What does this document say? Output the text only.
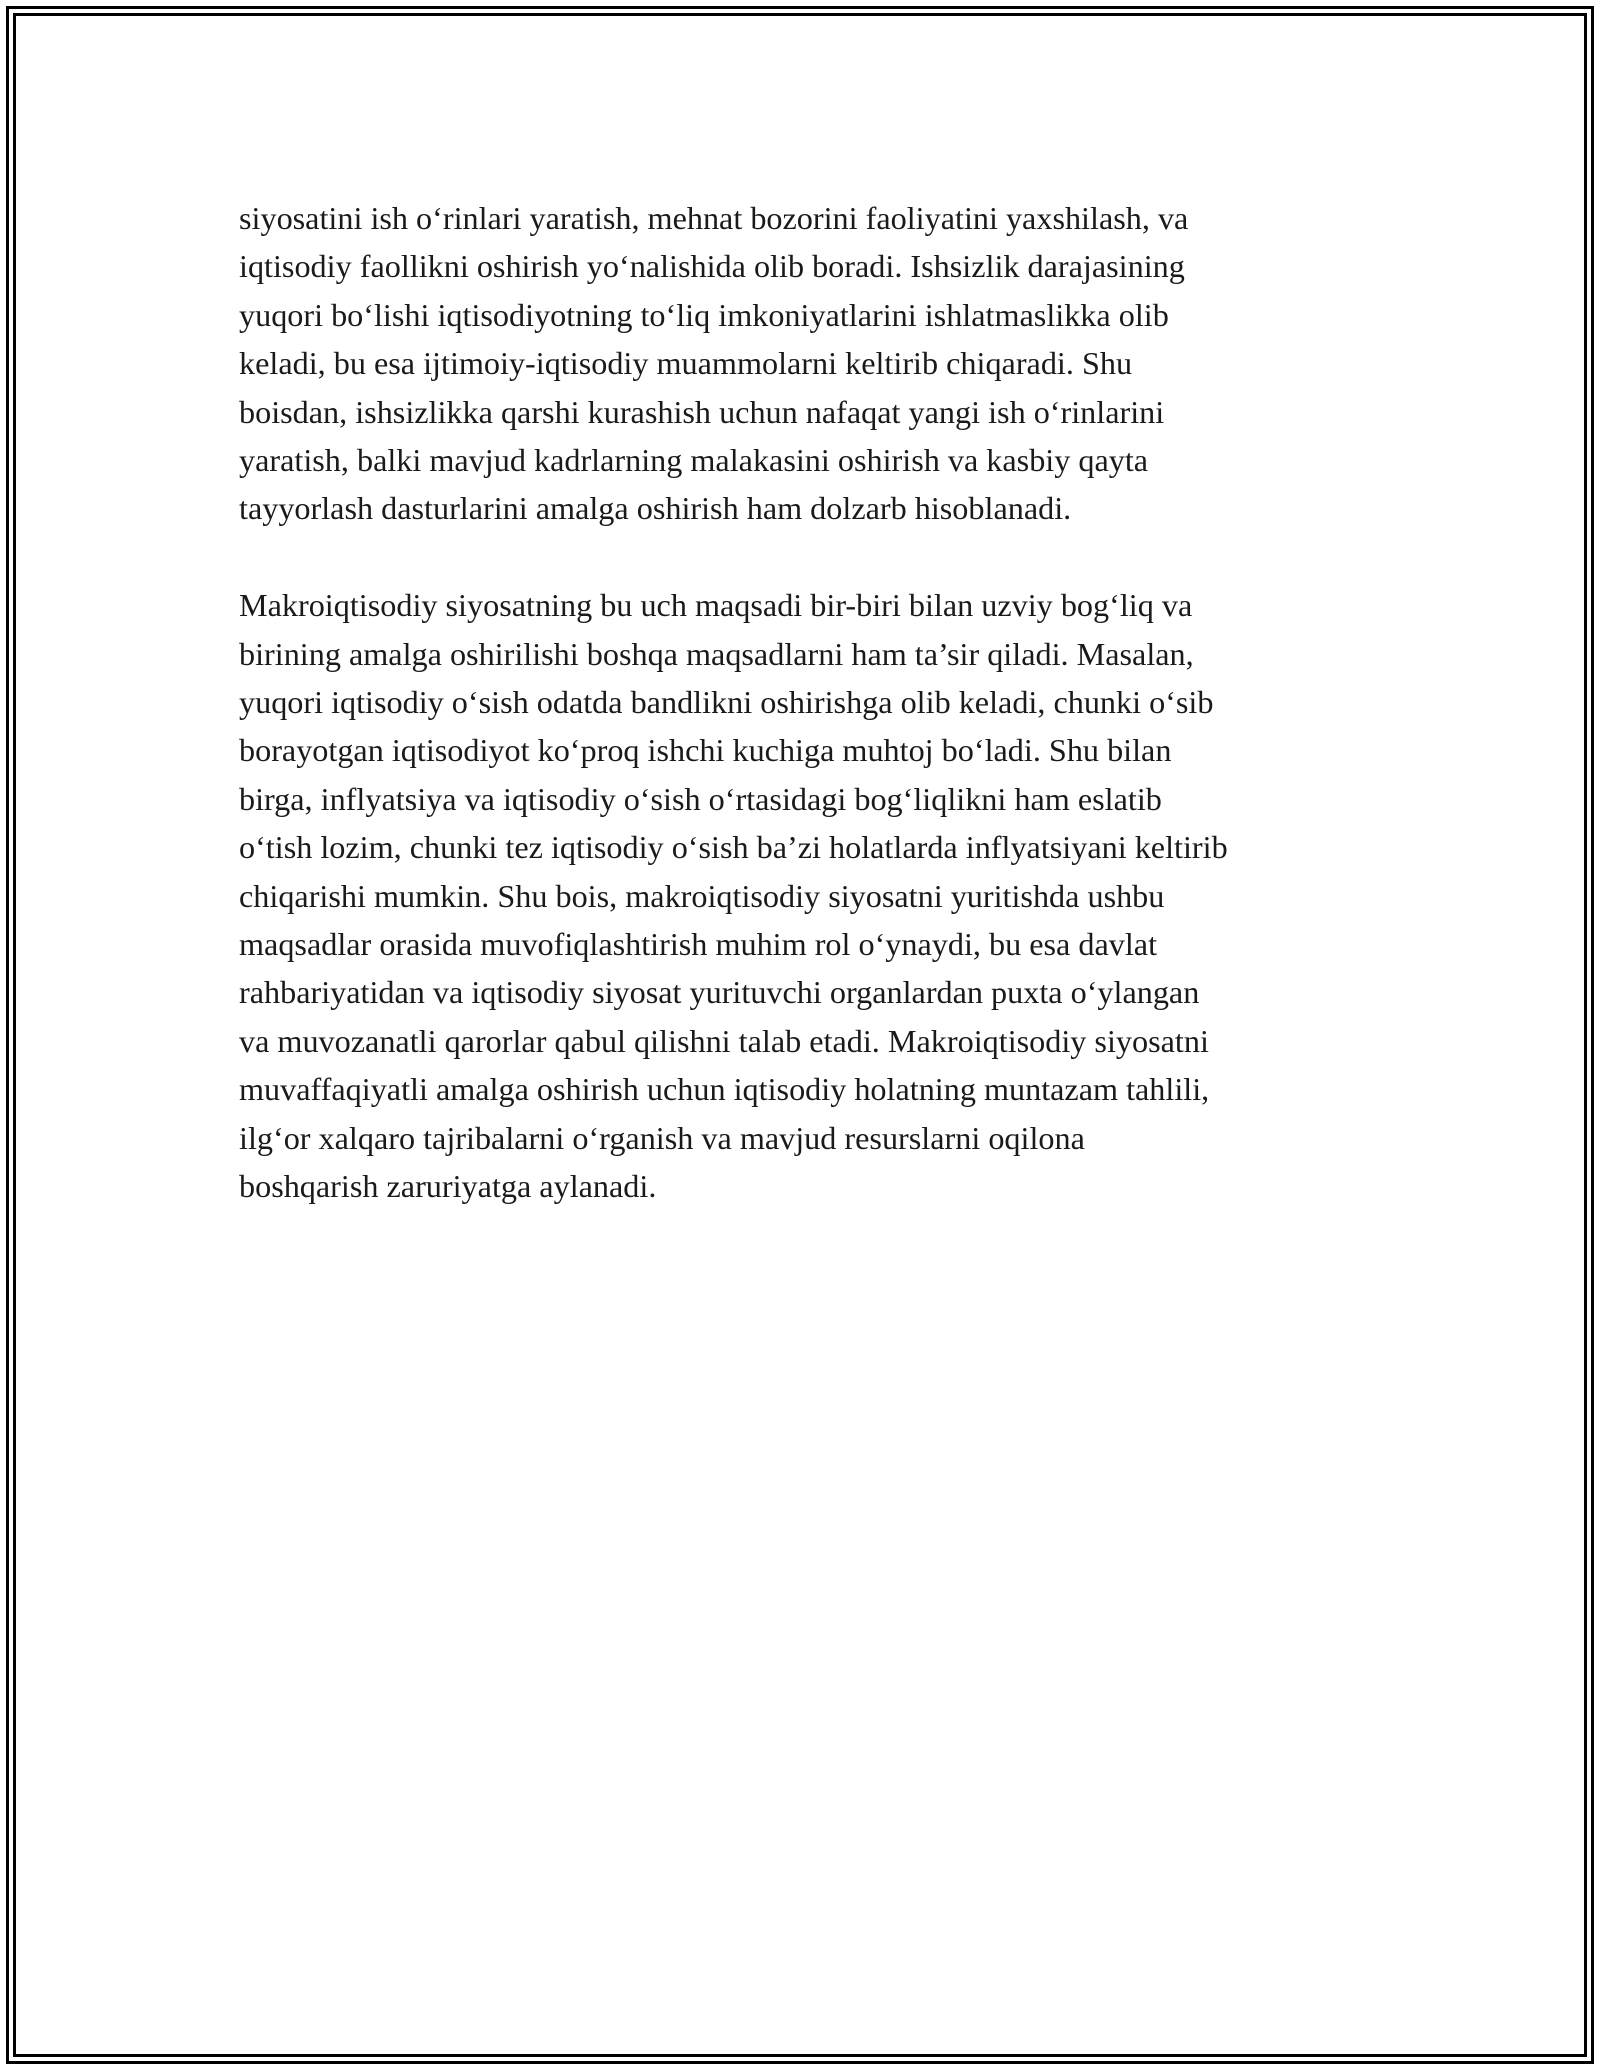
siyosatini ish o‘rinlari yaratish, mehnat bozorini faoliyatini yaxshilash, va
iqtisodiy faollikni oshirish yo‘nalishida olib boradi. Ishsizlik darajasining
yuqori bo‘lishi iqtisodiyotning to‘liq imkoniyatlarini ishlatmaslikka olib
keladi, bu esa ijtimoiy-iqtisodiy muammolarni keltirib chiqaradi. Shu
boisdan, ishsizlikka qarshi kurashish uchun nafaqat yangi ish o‘rinlarini
yaratish, balki mavjud kadrlarning malakasini oshirish va kasbiy qayta
tayyorlash dasturlarini amalga oshirish ham dolzarb hisoblanadi.

Makroiqtisodiy siyosatning bu uch maqsadi bir-biri bilan uzviy bog‘liq va
birining amalga oshirilishi boshqa maqsadlarni ham ta’sir qiladi. Masalan,
yuqori iqtisodiy o‘sish odatda bandlikni oshirishga olib keladi, chunki o‘sib
borayotgan iqtisodiyot ko‘proq ishchi kuchiga muhtoj bo‘ladi. Shu bilan
birga, inflyatsiya va iqtisodiy o‘sish o‘rtasidagi bog‘liqlikni ham eslatib
o‘tish lozim, chunki tez iqtisodiy o‘sish ba’zi holatlarda inflyatsiyani keltirib
chiqarishi mumkin. Shu bois, makroiqtisodiy siyosatni yuritishda ushbu
maqsadlar orasida muvofiqlashtirish muhim rol o‘ynaydi, bu esa davlat
rahbariyatidan va iqtisodiy siyosat yurituvchi organlardan puxta o‘ylangan
va muvozanatli qarorlar qabul qilishni talab etadi. Makroiqtisodiy siyosatni
muvaffaqiyatli amalga oshirish uchun iqtisodiy holatning muntazam tahlili,
ilg‘or xalqaro tajribalarni o‘rganish va mavjud resurslarni oqilona
boshqarish zaruriyatga aylanadi.
